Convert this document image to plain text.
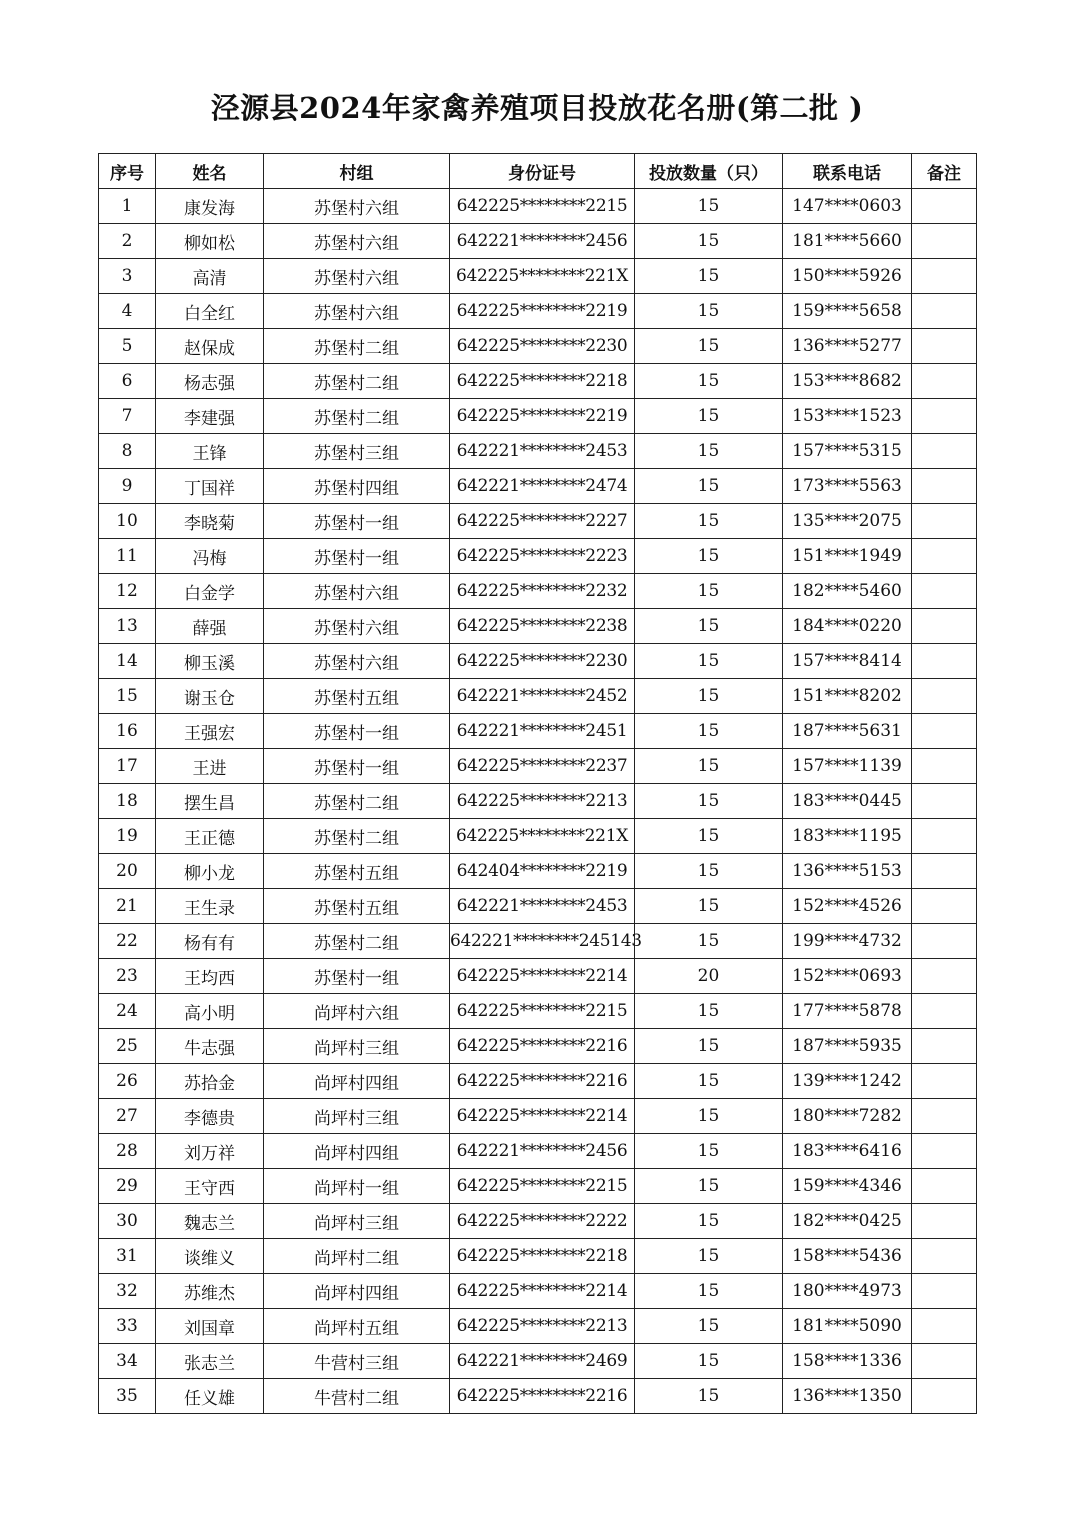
泾源县2024年家禽养殖项目投放花名册(第二批 )
序号	姓名	村组	身份证号	投放数量（只）	联系电话	备注
1	康发海	苏堡村六组	642225********2215	15	147****0603	
2	柳如松	苏堡村六组	642221********2456	15	181****5660	
3	高清	苏堡村六组	642225********221X	15	150****5926	
4	白全红	苏堡村六组	642225********2219	15	159****5658	
5	赵保成	苏堡村二组	642225********2230	15	136****5277	
6	杨志强	苏堡村二组	642225********2218	15	153****8682	
7	李建强	苏堡村二组	642225********2219	15	153****1523	
8	王锋	苏堡村三组	642221********2453	15	157****5315	
9	丁国祥	苏堡村四组	642221********2474	15	173****5563	
10	李晓菊	苏堡村一组	642225********2227	15	135****2075	
11	冯梅	苏堡村一组	642225********2223	15	151****1949	
12	白金学	苏堡村六组	642225********2232	15	182****5460	
13	薛强	苏堡村六组	642225********2238	15	184****0220	
14	柳玉溪	苏堡村六组	642225********2230	15	157****8414	
15	谢玉仓	苏堡村五组	642221********2452	15	151****8202	
16	王强宏	苏堡村一组	642221********2451	15	187****5631	
17	王进	苏堡村一组	642225********2237	15	157****1139	
18	摆生昌	苏堡村二组	642225********2213	15	183****0445	
19	王正德	苏堡村二组	642225********221X	15	183****1195	
20	柳小龙	苏堡村五组	642404********2219	15	136****5153	
21	王生录	苏堡村五组	642221********2453	15	152****4526	
22	杨有有	苏堡村二组	642221********245143	15	199****4732	
23	王均西	苏堡村一组	642225********2214	20	152****0693	
24	高小明	尚坪村六组	642225********2215	15	177****5878	
25	牛志强	尚坪村三组	642225********2216	15	187****5935	
26	苏拾金	尚坪村四组	642225********2216	15	139****1242	
27	李德贵	尚坪村三组	642225********2214	15	180****7282	
28	刘万祥	尚坪村四组	642221********2456	15	183****6416	
29	王守西	尚坪村一组	642225********2215	15	159****4346	
30	魏志兰	尚坪村三组	642225********2222	15	182****0425	
31	谈维义	尚坪村二组	642225********2218	15	158****5436	
32	苏维杰	尚坪村四组	642225********2214	15	180****4973	
33	刘国章	尚坪村五组	642225********2213	15	181****5090	
34	张志兰	牛营村三组	642221********2469	15	158****1336	
35	任义雄	牛营村二组	642225********2216	15	136****1350	
